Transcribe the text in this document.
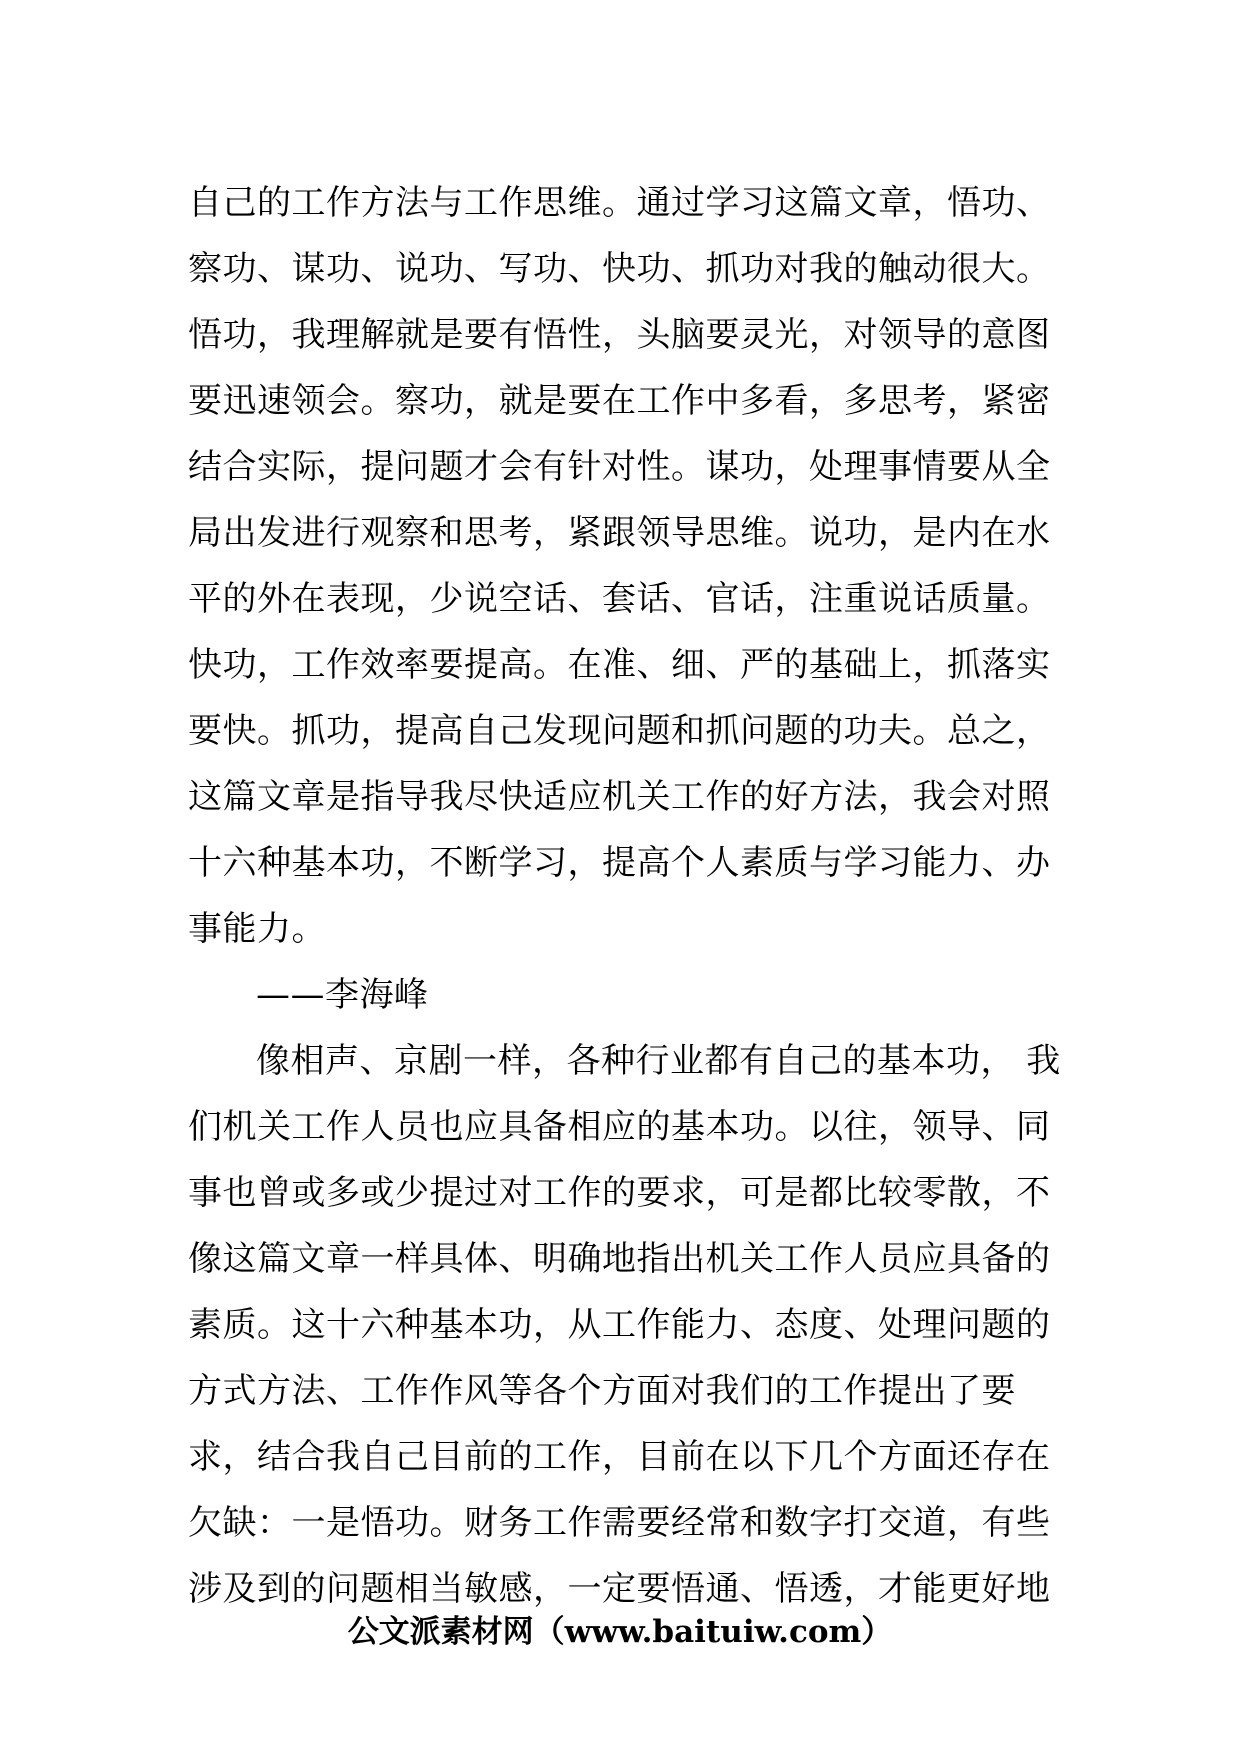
自己的工作方法与工作思维。通过学习这篇文章，悟功、
察功、谋功、说功、写功、快功、抓功对我的触动很大。
悟功，我理解就是要有悟性，头脑要灵光，对领导的意图
要迅速领会。察功，就是要在工作中多看，多思考，紧密
结合实际，提问题才会有针对性。谋功，处理事情要从全
局出发进行观察和思考，紧跟领导思维。说功，是内在水
平的外在表现，少说空话、套话、官话，注重说话质量。
快功，工作效率要提高。在准、细、严的基础上，抓落实
要快。抓功，提高自己发现问题和抓问题的功夫。总之，
这篇文章是指导我尽快适应机关工作的好方法，我会对照
十六种基本功，不断学习，提高个人素质与学习能力、办
事能力。
——李海峰
像相声、京剧一样，各种行业都有自己的基本功， 我
们机关工作人员也应具备相应的基本功。以往，领导、同
事也曾或多或少提过对工作的要求，可是都比较零散，不
像这篇文章一样具体、明确地指出机关工作人员应具备的
素质。这十六种基本功，从工作能力、态度、处理问题的
方式方法、工作作风等各个方面对我们的工作提出了要
求，结合我自己目前的工作，目前在以下几个方面还存在
欠缺：一是悟功。财务工作需要经常和数字打交道，有些
涉及到的问题相当敏感，一定要悟通、悟透，才能更好地
公文派素材网（www.baituiw.com）
